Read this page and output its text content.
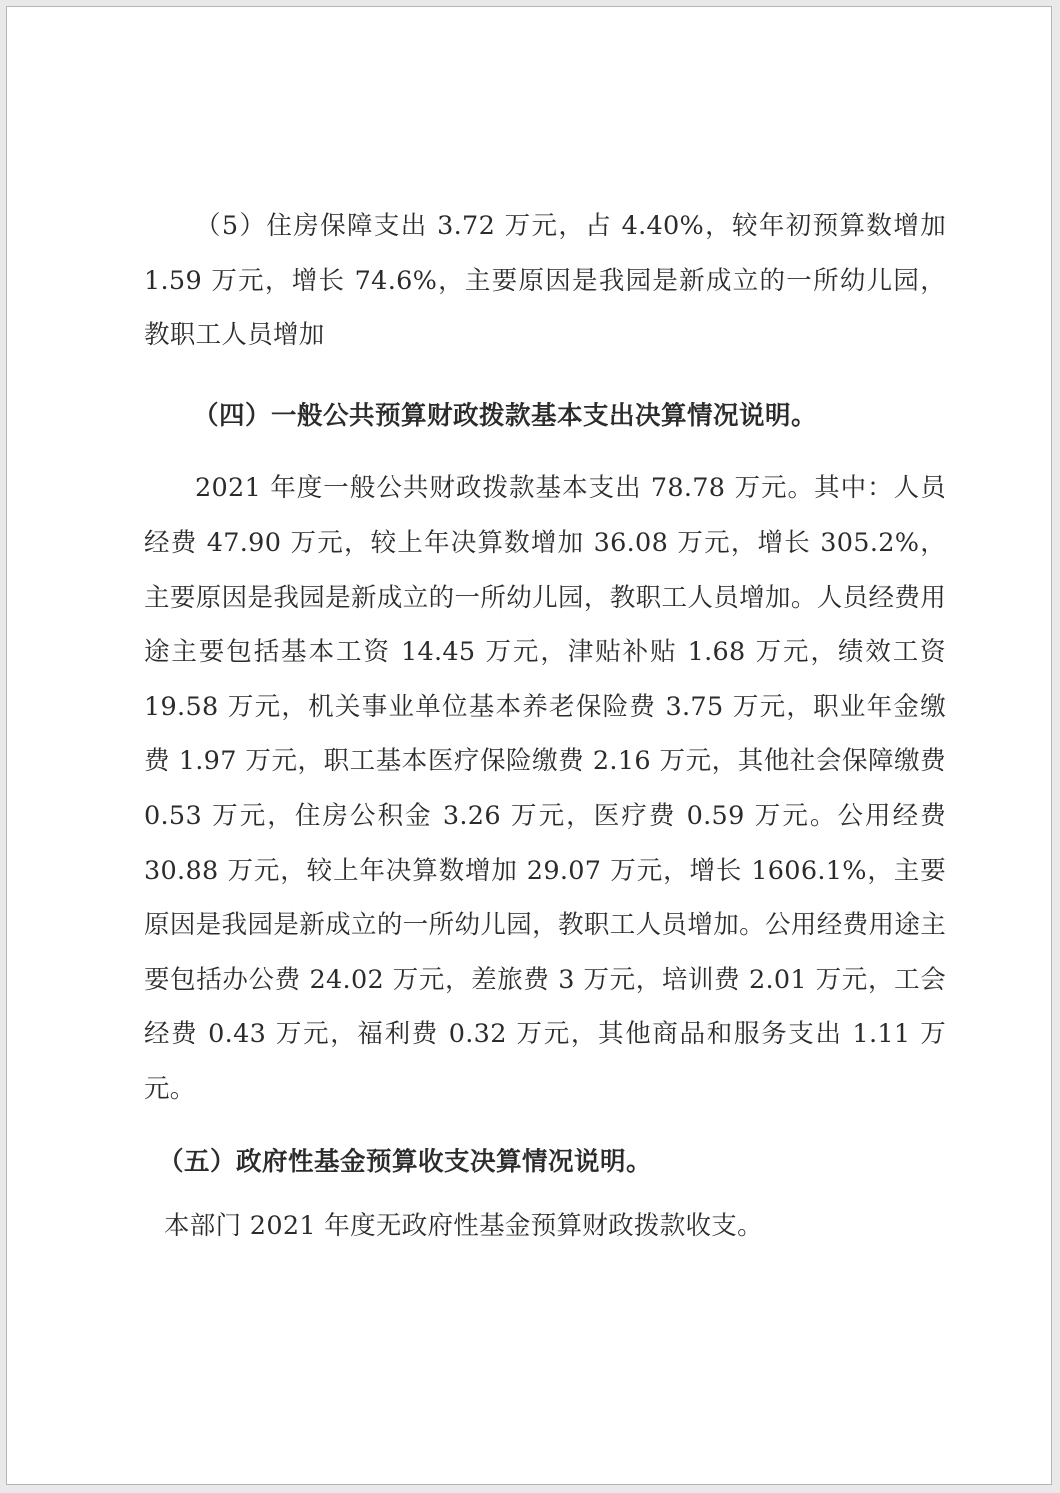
（5）住房保障支出 3.72 万元，占 4.40%，较年初预算数增加 1.59 万元，增长 74.6%，主要原因是我园是新成立的一所幼儿园，教职工人员增加

（四）一般公共预算财政拨款基本支出决算情况说明。

2021 年度一般公共财政拨款基本支出 78.78 万元。其中：人员经费 47.90 万元，较上年决算数增加 36.08 万元，增长 305.2%，主要原因是我园是新成立的一所幼儿园，教职工人员增加。人员经费用途主要包括基本工资 14.45 万元，津贴补贴 1.68 万元，绩效工资 19.58 万元，机关事业单位基本养老保险费 3.75 万元，职业年金缴费 1.97 万元，职工基本医疗保险缴费 2.16 万元，其他社会保障缴费 0.53 万元，住房公积金 3.26 万元，医疗费 0.59 万元。公用经费 30.88 万元，较上年决算数增加 29.07 万元，增长 1606.1%，主要原因是我园是新成立的一所幼儿园，教职工人员增加。公用经费用途主要包括办公费 24.02 万元，差旅费 3 万元，培训费 2.01 万元，工会经费 0.43 万元，福利费 0.32 万元，其他商品和服务支出 1.11 万元。

（五）政府性基金预算收支决算情况说明。

本部门 2021 年度无政府性基金预算财政拨款收支。
